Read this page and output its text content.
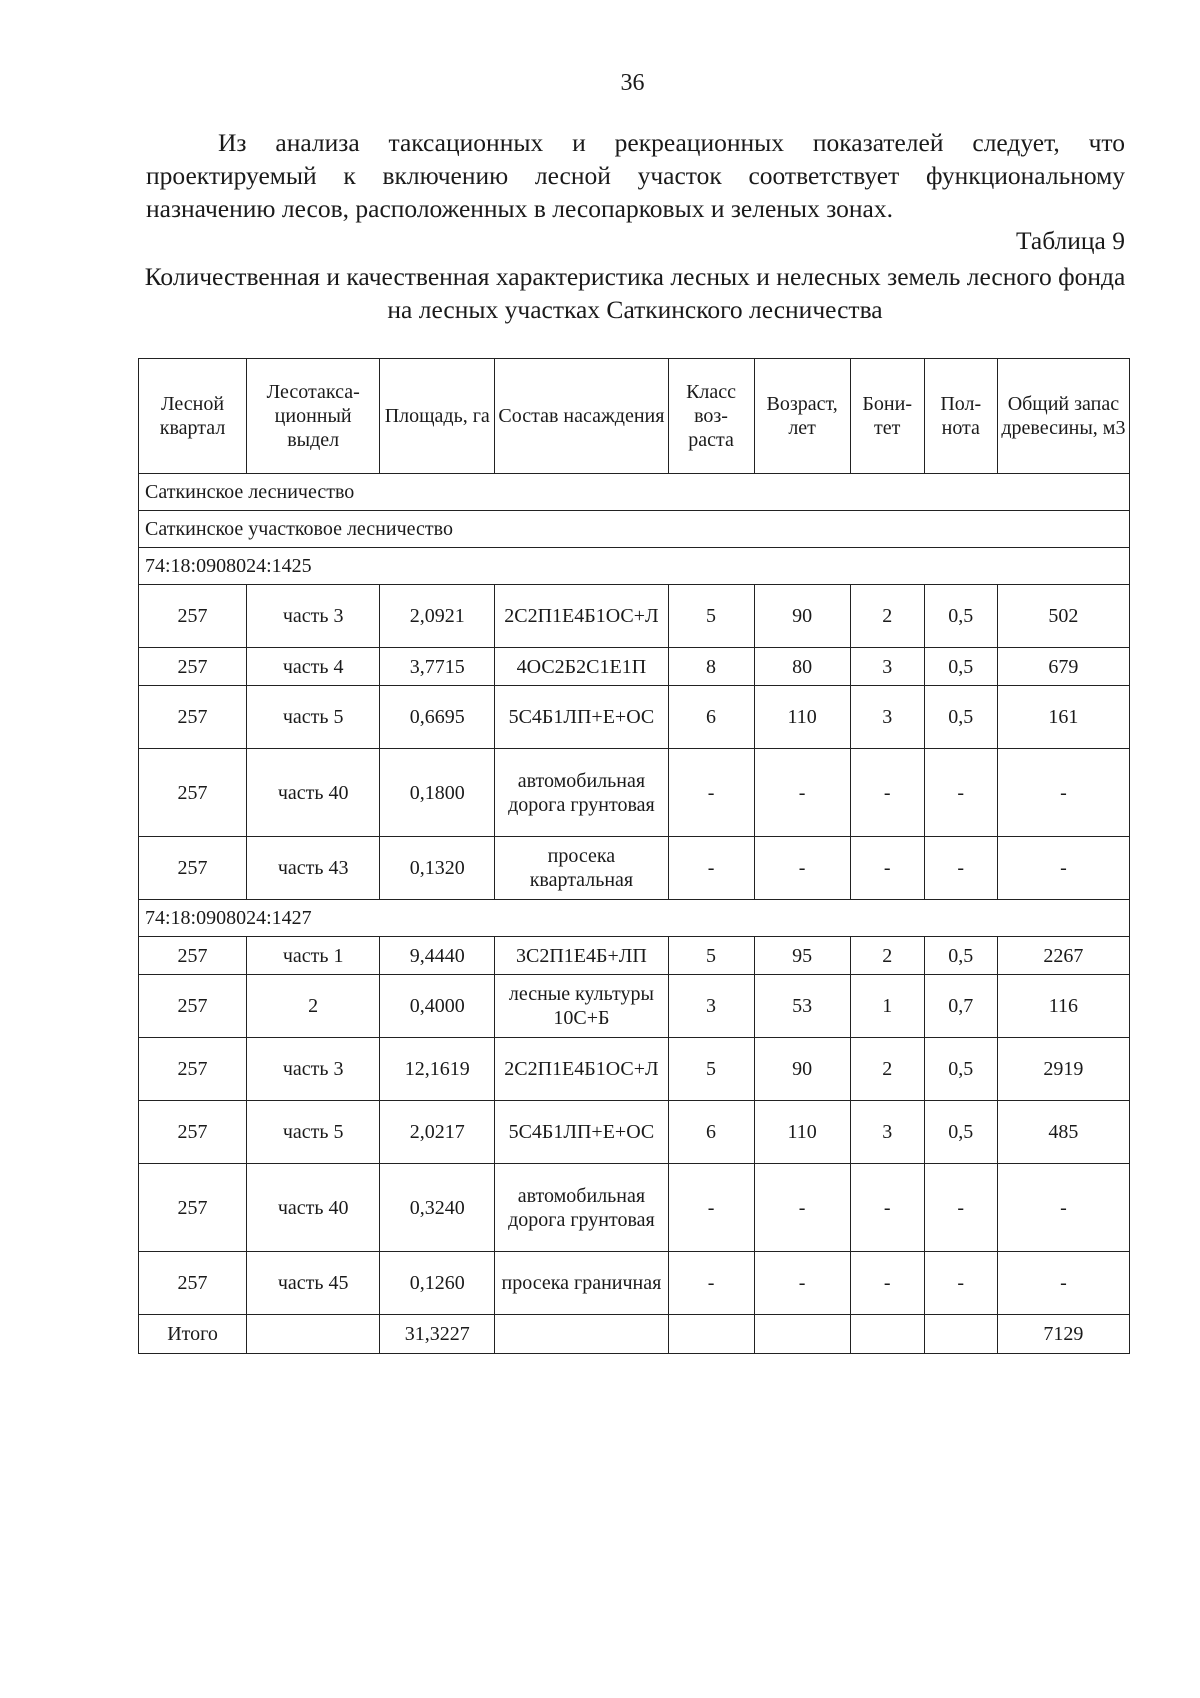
36

Из анализа таксационных и рекреационных показателей следует, что проектируемый к включению лесной участок соответствует функциональному назначению лесов, расположенных в лесопарковых и зеленых зонах.

Таблица 9

Количественная и качественная характеристика лесных и нелесных земель лесного фонда на лесных участках Саткинского лесничества

Лесной квартал	Лесотакса-ционный выдел	Площадь, га	Состав насаждения	Класс воз-раста	Возраст, лет	Бони-тет	Пол-нота	Общий запас древесины, м3
Саткинское лесничество								
Саткинское участковое лесничество								
74:18:0908024:1425								
257	часть 3	2,0921	2С2П1Е4Б1ОС+Л	5	90	2	0,5	502
257	часть 4	3,7715	4ОС2Б2С1Е1П	8	80	3	0,5	679
257	часть 5	0,6695	5С4Б1ЛП+Е+ОС	6	110	3	0,5	161
257	часть 40	0,1800	автомобильная дорога грунтовая	-	-	-	-	-
257	часть 43	0,1320	просека квартальная	-	-	-	-	-
74:18:0908024:1427								
257	часть 1	9,4440	3С2П1Е4Б+ЛП	5	95	2	0,5	2267
257	2	0,4000	лесные культуры 10С+Б	3	53	1	0,7	116
257	часть 3	12,1619	2С2П1Е4Б1ОС+Л	5	90	2	0,5	2919
257	часть 5	2,0217	5С4Б1ЛП+Е+ОС	6	110	3	0,5	485
257	часть 40	0,3240	автомобильная дорога грунтовая	-	-	-	-	-
257	часть 45	0,1260	просека граничная	-	-	-	-	-
Итого		31,3227						7129
